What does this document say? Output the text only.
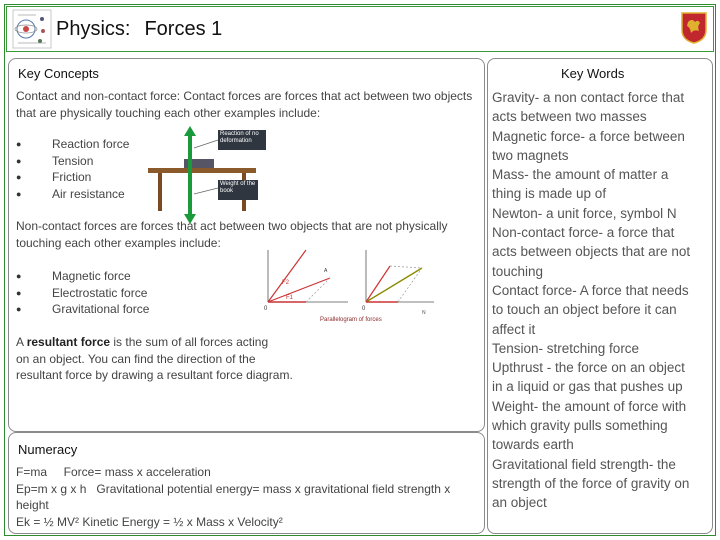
Physics: Forces 1
Key Concepts
Contact and non-contact force: Contact forces are forces that act between two objects
that are physically touching each other examples include:
● Reaction force
● Tension
● Friction
● Air resistance
Reaction of no deformation
Weight of the book
Non-contact forces are forces that act between two objects that are not physically
touching each other examples include:
● Magnetic force
● Electrostatic force
● Gravitational force
F2
F1
0
A
0
N
Parallelogram of forces
A resultant force is the sum of all forces acting
on an object. You can find the direction of the
resultant force by drawing a resultant force diagram.
Numeracy
F=ma     Force= mass x acceleration
Ep=m x g x h   Gravitational potential energy= mass x gravitational field strength x
height
Ek = ½ MV² Kinetic Energy = ½ x Mass x Velocity²
Key Words
Gravity- a non contact force that
acts between two masses
Magnetic force- a force between
two magnets
Mass- the amount of matter a
thing is made up of
Newton- a unit force, symbol N
Non-contact force- a force that
acts between objects that are not
touching
Contact force- A force that needs
to touch an object before it can
affect it
Tension- stretching force
Upthrust - the force on an object
in a liquid or gas that pushes up
Weight- the amount of force with
which gravity pulls something
towards earth
Gravitational field strength- the
strength of the force of gravity on
an object
